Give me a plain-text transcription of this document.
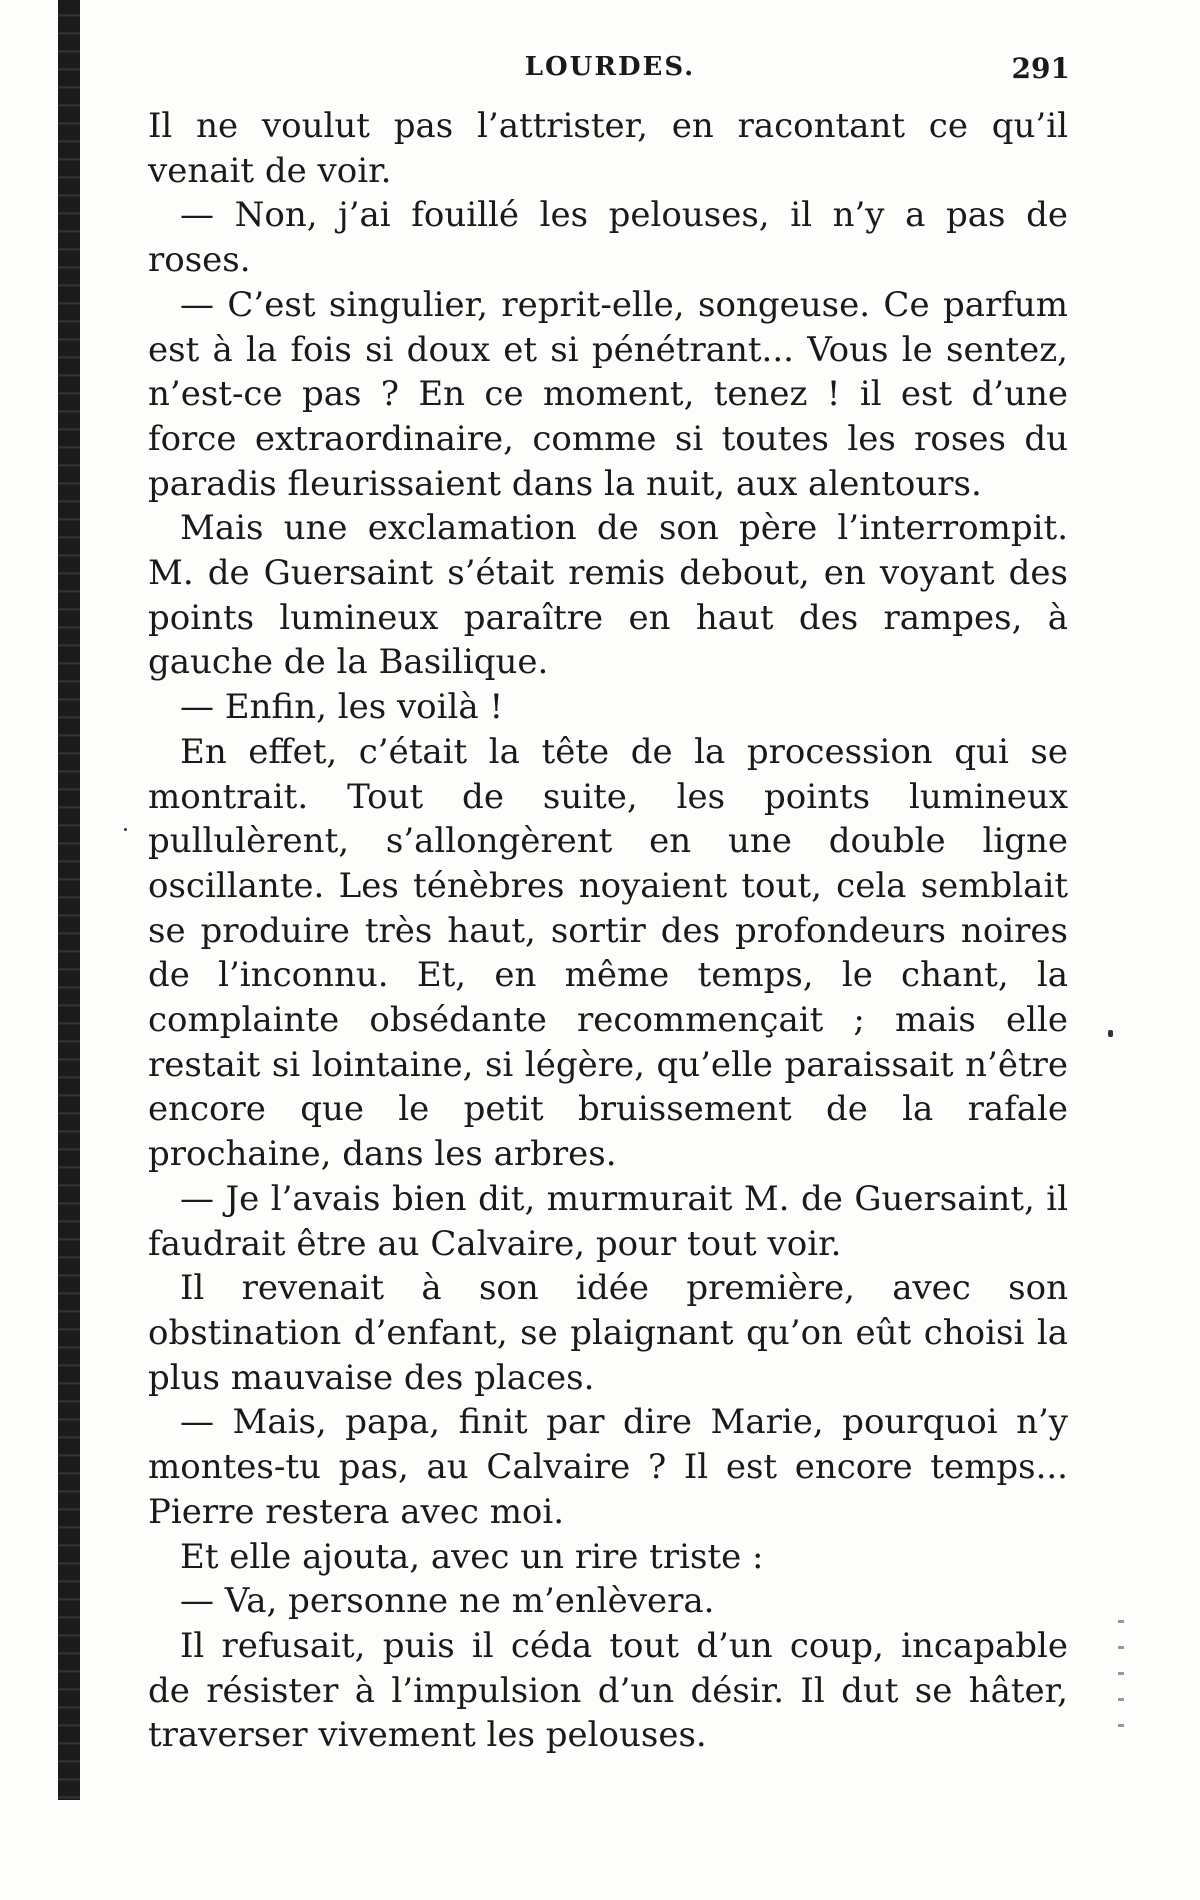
LOURDES.	291

Il ne voulut pas l’attrister, en racontant ce qu’il venait de voir.

— Non, j’ai fouillé les pelouses, il n’y a pas de roses.

— C’est singulier, reprit-elle, songeuse. Ce parfum est à la fois si doux et si pénétrant... Vous le sentez, n’est-ce pas ? En ce moment, tenez ! il est d’une force extraordinaire, comme si toutes les roses du paradis fleurissaient dans la nuit, aux alentours.

Mais une exclamation de son père l’interrompit. M. de Guersaint s’était remis debout, en voyant des points lumineux paraître en haut des rampes, à gauche de la Basilique.

— Enfin, les voilà !

En effet, c’était la tête de la procession qui se montrait. Tout de suite, les points lumineux pullulèrent, s’allongèrent en une double ligne oscillante. Les ténèbres noyaient tout, cela semblait se produire très haut, sortir des profondeurs noires de l’inconnu. Et, en même temps, le chant, la complainte obsédante recommençait ; mais elle restait si lointaine, si légère, qu’elle paraissait n’être encore que le petit bruissement de la rafale prochaine, dans les arbres.

— Je l’avais bien dit, murmurait M. de Guersaint, il faudrait être au Calvaire, pour tout voir.

Il revenait à son idée première, avec son obstination d’enfant, se plaignant qu’on eût choisi la plus mauvaise des places.

— Mais, papa, finit par dire Marie, pourquoi n’y montes-tu pas, au Calvaire ? Il est encore temps... Pierre restera avec moi.

Et elle ajouta, avec un rire triste :

— Va, personne ne m’enlèvera.

Il refusait, puis il céda tout d’un coup, incapable de résister à l’impulsion d’un désir. Il dut se hâter, traverser vivement les pelouses.
